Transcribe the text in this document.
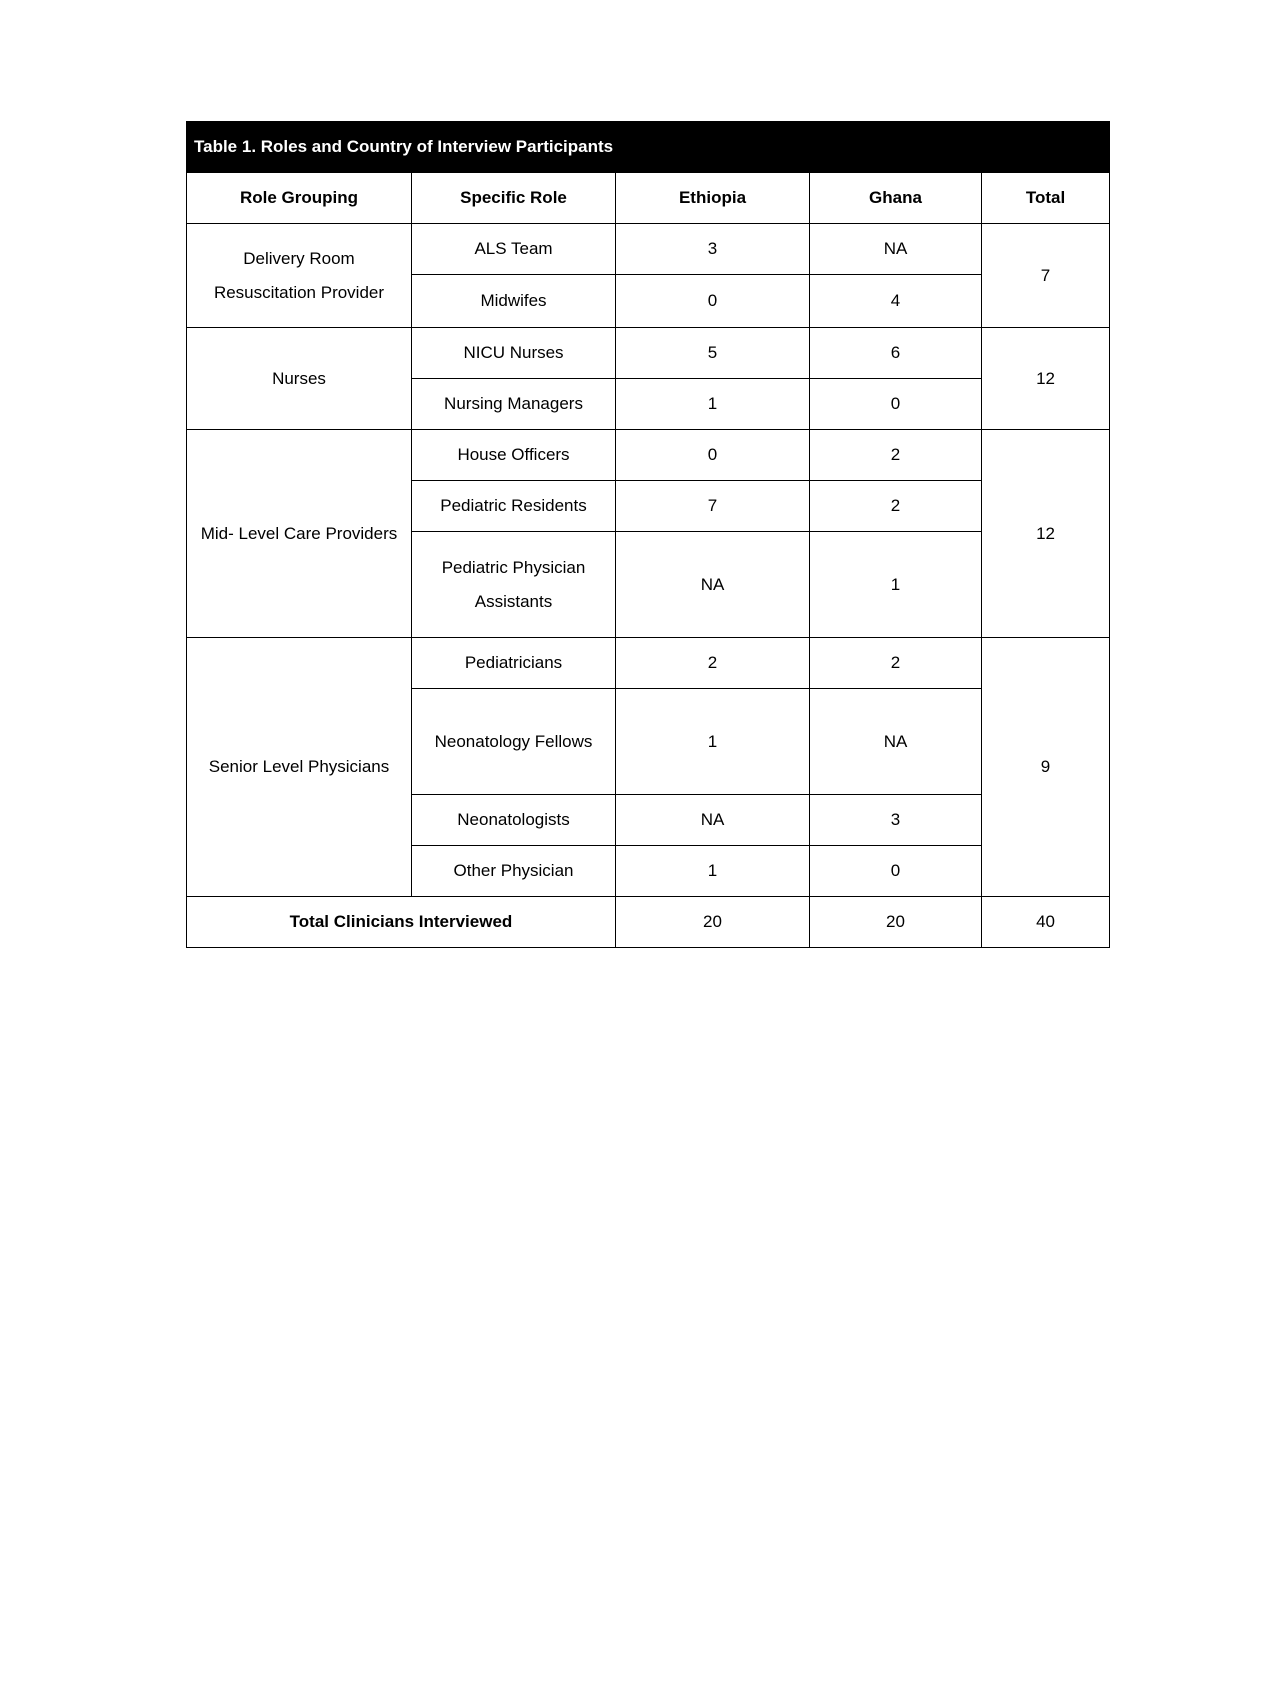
Table 1. Roles and Country of Interview Participants				
Role Grouping	Specific Role	Ethiopia	Ghana	Total
Delivery Room Resuscitation Provider	ALS Team	3	NA	7
	Midwifes	0	4	
Nurses	NICU Nurses	5	6	12
	Nursing Managers	1	0	
Mid- Level Care Providers	House Officers	0	2	12
	Pediatric Residents	7	2	
	Pediatric Physician Assistants	NA	1	
Senior Level Physicians	Pediatricians	2	2	9
	Neonatology Fellows	1	NA	
	Neonatologists	NA	3	
	Other Physician	1	0	
Total Clinicians Interviewed		20	20	40
